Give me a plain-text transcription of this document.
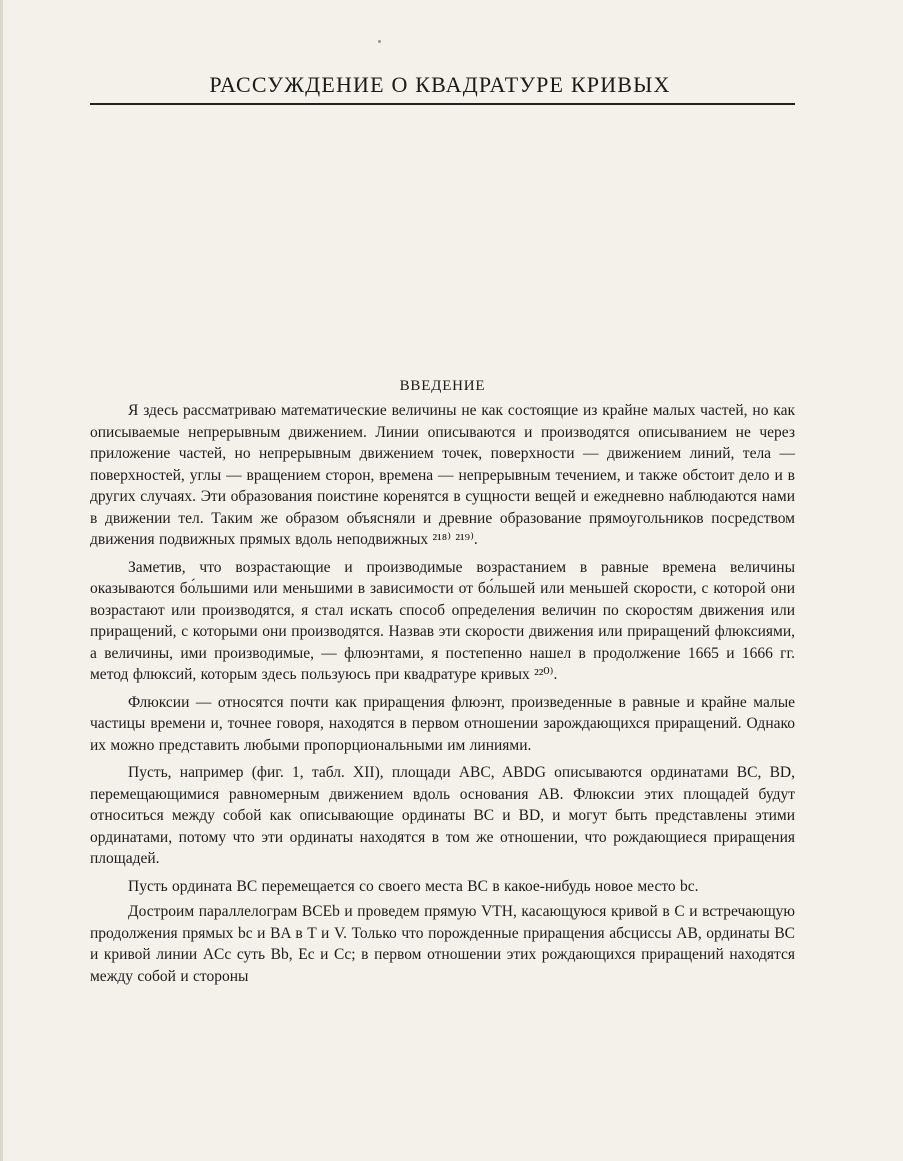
РАССУЖДЕНИЕ О КВАДРАТУРЕ КРИВЫХ
ВВЕДЕНИЕ

Я здесь рассматриваю математические величины не как состоящие из крайне малых частей, но как описываемые непрерывным движением. Линии описываются и производятся описыванием не через приложение частей, но непрерывным движением точек, поверхности — движением линий, тела — поверхностей, углы — вращением сторон, времена — непрерывным течением, и также обстоит дело и в других случаях. Эти образования поистине коренятся в сущности вещей и ежедневно наблюдаются нами в движении тел. Таким же образом объясняли и древние образование прямоугольников посредством движения подвижных прямых вдоль неподвижных ²¹⁸⁾ ²¹⁹⁾.

Заметив, что возрастающие и производимые возрастанием в равные времена величины оказываются бо́льшими или меньшими в зависимости от бо́льшей или меньшей скорости, с которой они возрастают или производятся, я стал искать способ определения величин по скоростям движения или приращений, с которыми они производятся. Назвав эти скорости движения или приращений флюксиями, а величины, ими производимые, — флюэнтами, я постепенно нашел в продолжение 1665 и 1666 гг. метод флюксий, которым здесь пользуюсь при квадратуре кривых ²²⁰⁾.

Флюксии — относятся почти как приращения флюэнт, произведенные в равные и крайне малые частицы времени и, точнее говоря, находятся в первом отношении зарождающихся приращений. Однако их можно представить любыми пропорциональными им линиями.

Пусть, например (фиг. 1, табл. XII), площади ABC, ABDG описываются ординатами BC, BD, перемещающимися равномерным движением вдоль основания AB. Флюксии этих площадей будут относиться между собой как описывающие ординаты BC и BD, и могут быть представлены этими ординатами, потому что эти ординаты находятся в том же отношении, что рождающиеся приращения площадей.

Пусть ордината BC перемещается со своего места BC в какое-нибудь новое место bc.

Достроим параллелограм BCEb и проведем прямую VTH, касающуюся кривой в C и встречающую продолжения прямых bc и BA в T и V. Только что порожденные приращения абсциссы AB, ординаты BC и кривой линии ACc суть Bb, Ec и Cc; в первом отношении этих рождающихся приращений находятся между собой и стороны
